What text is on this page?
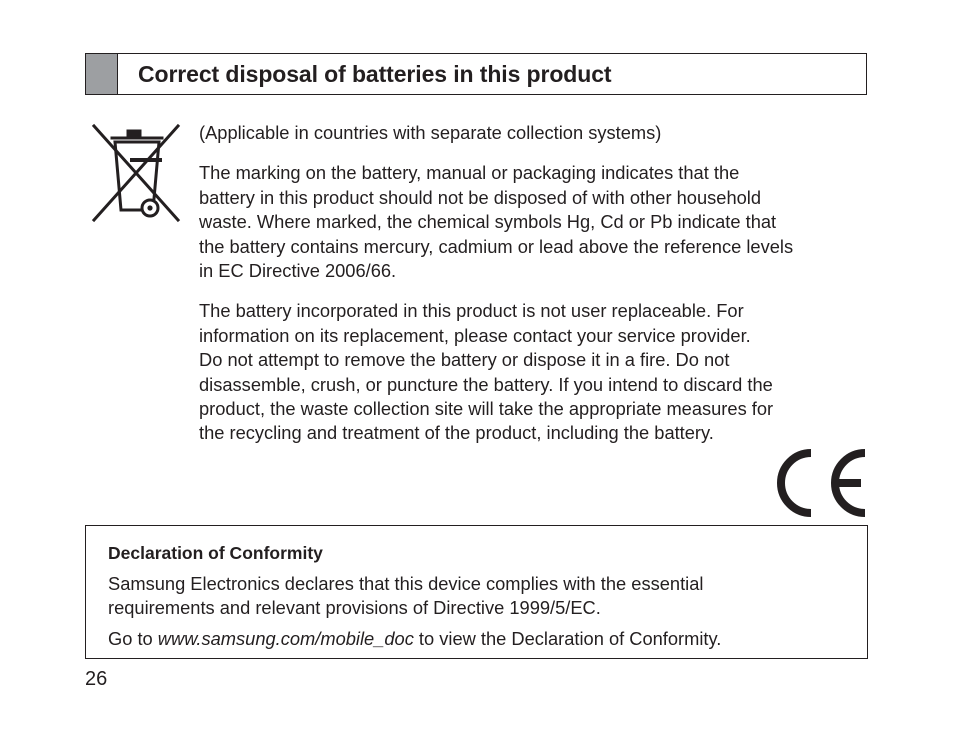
Correct disposal of batteries in this product

(Applicable in countries with separate collection systems)

The marking on the battery, manual or packaging indicates that the
battery in this product should not be disposed of with other household
waste. Where marked, the chemical symbols Hg, Cd or Pb indicate that
the battery contains mercury, cadmium or lead above the reference levels
in EC Directive 2006/66.

The battery incorporated in this product is not user replaceable. For
information on its replacement, please contact your service provider.
Do not attempt to remove the battery or dispose it in a fire. Do not
disassemble, crush, or puncture the battery. If you intend to discard the
product, the waste collection site will take the appropriate measures for
the recycling and treatment of the product, including the battery.

Declaration of Conformity
Samsung Electronics declares that this device complies with the essential
requirements and relevant provisions of Directive 1999/5/EC.
Go to www.samsung.com/mobile_doc to view the Declaration of Conformity.
26
